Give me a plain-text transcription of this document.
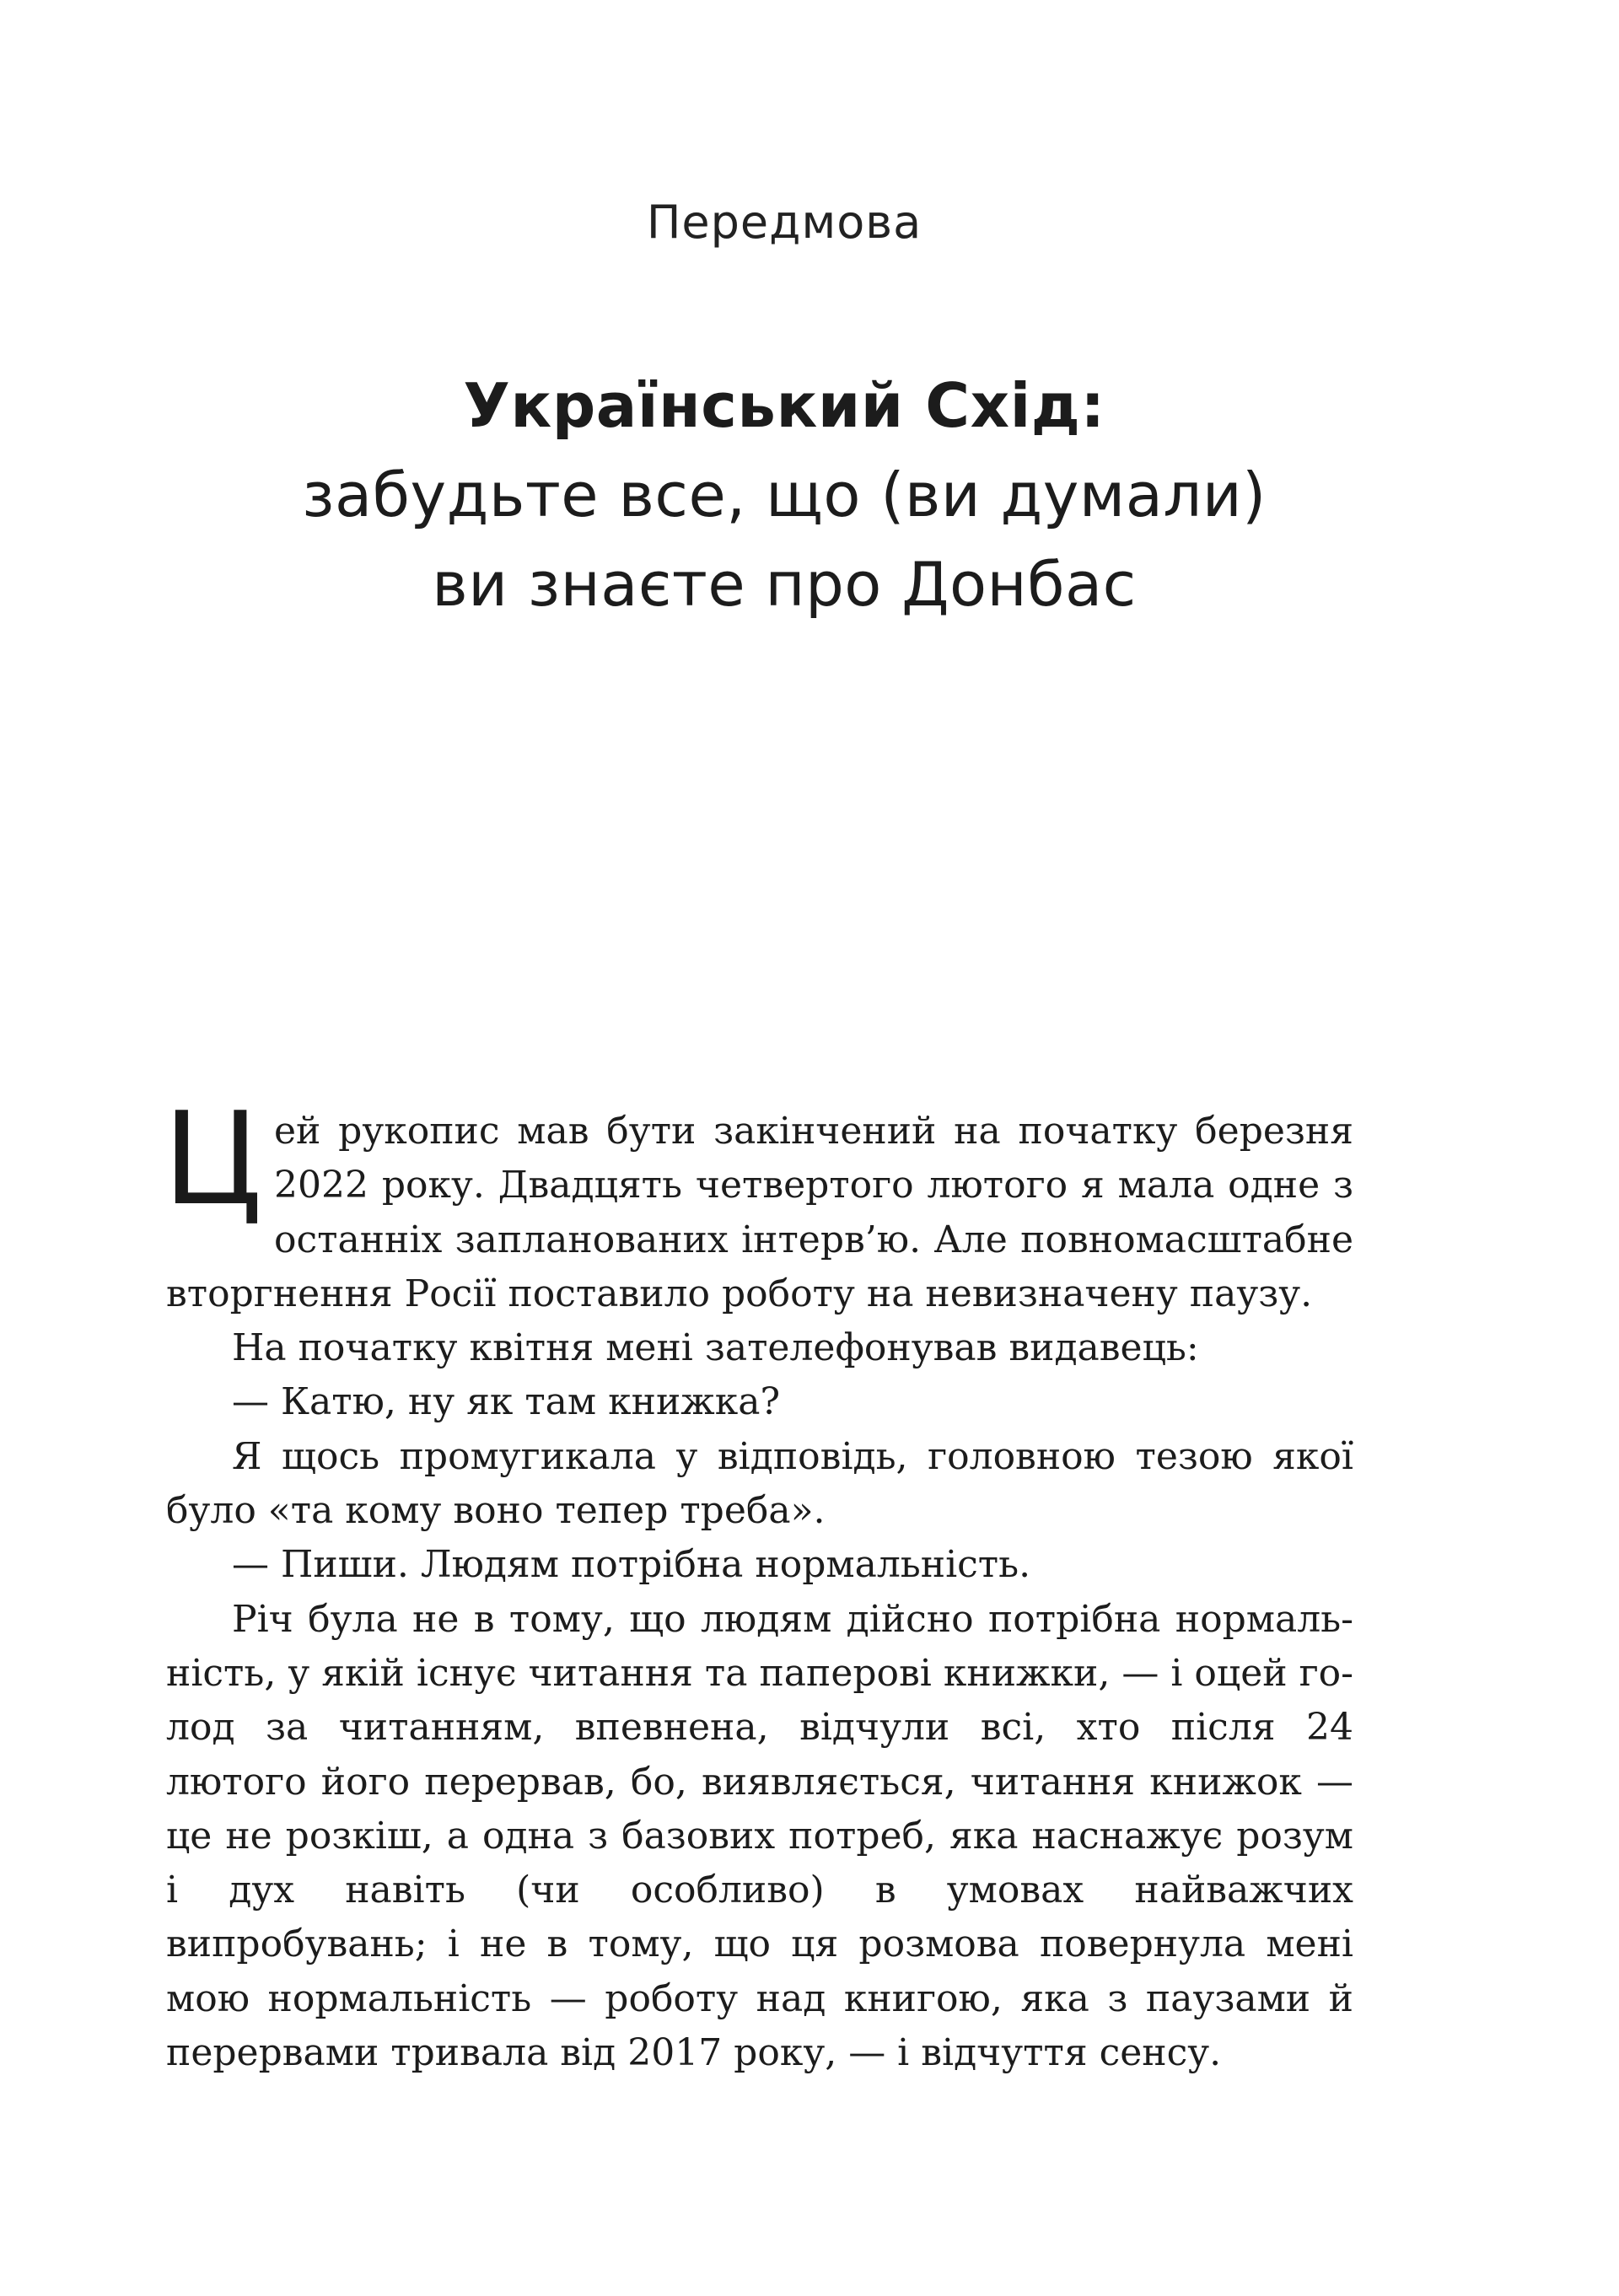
Передмова
Український Схід:
забудьте все, що (ви думали)
ви знаєте про Донбас

Цей рукопис мав бути закінчений на початку березня 2022 року. Двадцять четвертого лютого я мала одне з останніх запланованих інтерв’ю. Але повномасштабне вторгнення Росії поставило роботу на невизначену паузу.

На початку квітня мені зателефонував видавець:

— Катю, ну як там книжка?

Я щось промугикала у відповідь, головною тезою якої було «та кому воно тепер треба».

— Пиши. Людям потрібна нормальність.

Річ була не в тому, що людям дійсно потрібна нормальність, у якій існує читання та паперові книжки, — і оцей голод за читанням, впевнена, відчули всі, хто після 24 лютого його перервав, бо, виявляється, читання книжок — це не розкіш, а одна з базових потреб, яка наснажує розум і дух навіть (чи особливо) в умовах найважчих випробувань; і не в тому, що ця розмова повернула мені мою нормальність — роботу над книгою, яка з паузами й перервами тривала від 2017 року, — і відчуття сенсу.
